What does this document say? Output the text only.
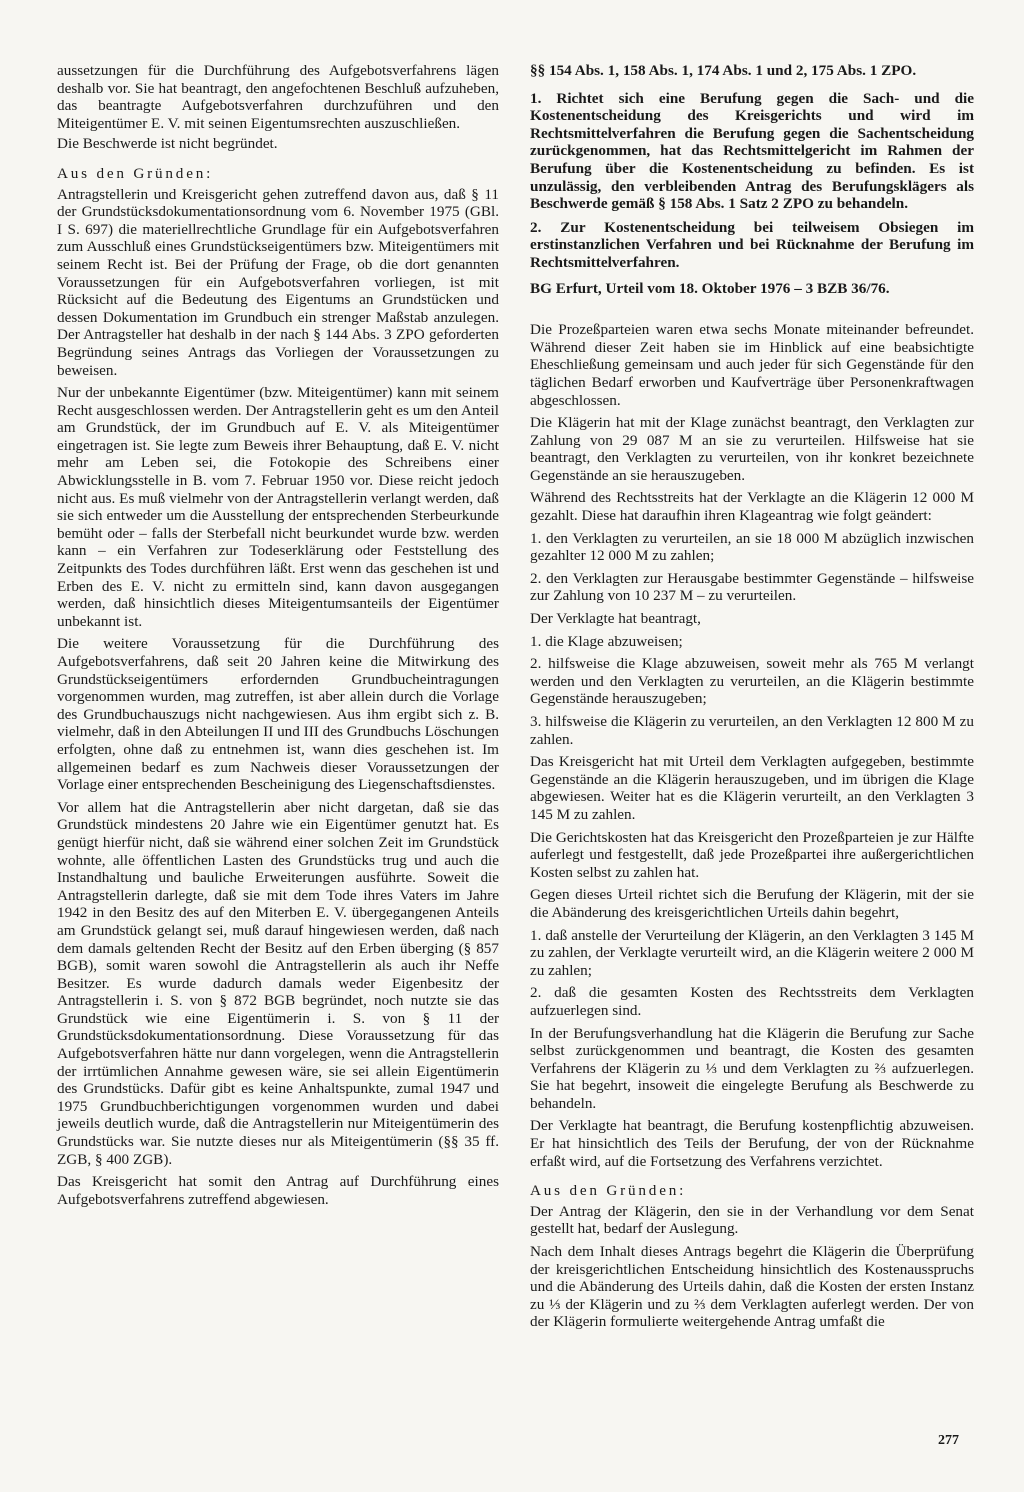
aussetzungen für die Durchführung des Aufgebotsverfahrens lägen deshalb vor. Sie hat beantragt, den angefochtenen Beschluß aufzuheben, das beantragte Aufgebotsverfahren durchzuführen und den Miteigentümer E. V. mit seinen Eigentumsrechten auszuschließen.

Die Beschwerde ist nicht begründet.

Aus den Gründen:

Antragstellerin und Kreisgericht gehen zutreffend davon aus, daß § 11 der Grundstücksdokumentationsordnung vom 6. November 1975 (GBl. I S. 697) die materiellrechtliche Grundlage für ein Aufgebotsverfahren zum Ausschluß eines Grundstückseigentümers bzw. Miteigentümers mit seinem Recht ist. Bei der Prüfung der Frage, ob die dort genannten Voraussetzungen für ein Aufgebotsverfahren vorliegen, ist mit Rücksicht auf die Bedeutung des Eigentums an Grundstücken und dessen Dokumentation im Grundbuch ein strenger Maßstab anzulegen. Der Antragsteller hat deshalb in der nach § 144 Abs. 3 ZPO geforderten Begründung seines Antrags das Vorliegen der Voraussetzungen zu beweisen.

Nur der unbekannte Eigentümer (bzw. Miteigentümer) kann mit seinem Recht ausgeschlossen werden. Der Antragstellerin geht es um den Anteil am Grundstück, der im Grundbuch auf E. V. als Miteigentümer eingetragen ist. Sie legte zum Beweis ihrer Behauptung, daß E. V. nicht mehr am Leben sei, die Fotokopie des Schreibens einer Abwicklungsstelle in B. vom 7. Februar 1950 vor. Diese reicht jedoch nicht aus. Es muß vielmehr von der Antragstellerin verlangt werden, daß sie sich entweder um die Ausstellung der entsprechenden Sterbeurkunde bemüht oder – falls der Sterbefall nicht beurkundet wurde bzw. werden kann – ein Verfahren zur Todeserklärung oder Feststellung des Zeitpunkts des Todes durchführen läßt. Erst wenn das geschehen ist und Erben des E. V. nicht zu ermitteln sind, kann davon ausgegangen werden, daß hinsichtlich dieses Miteigentumsanteils der Eigentümer unbekannt ist.

Die weitere Voraussetzung für die Durchführung des Aufgebotsverfahrens, daß seit 20 Jahren keine die Mitwirkung des Grundstückseigentümers erfordernden Grundbucheintragungen vorgenommen wurden, mag zutreffen, ist aber allein durch die Vorlage des Grundbuchauszugs nicht nachgewiesen. Aus ihm ergibt sich z. B. vielmehr, daß in den Abteilungen II und III des Grundbuchs Löschungen erfolgten, ohne daß zu entnehmen ist, wann dies geschehen ist. Im allgemeinen bedarf es zum Nachweis dieser Voraussetzungen der Vorlage einer entsprechenden Bescheinigung des Liegenschaftsdienstes.

Vor allem hat die Antragstellerin aber nicht dargetan, daß sie das Grundstück mindestens 20 Jahre wie ein Eigentümer genutzt hat. Es genügt hierfür nicht, daß sie während einer solchen Zeit im Grundstück wohnte, alle öffentlichen Lasten des Grundstücks trug und auch die Instandhaltung und bauliche Erweiterungen ausführte. Soweit die Antragstellerin darlegte, daß sie mit dem Tode ihres Vaters im Jahre 1942 in den Besitz des auf den Miterben E. V. übergegangenen Anteils am Grundstück gelangt sei, muß darauf hingewiesen werden, daß nach dem damals geltenden Recht der Besitz auf den Erben überging (§ 857 BGB), somit waren sowohl die Antragstellerin als auch ihr Neffe Besitzer. Es wurde dadurch damals weder Eigenbesitz der Antragstellerin i. S. von § 872 BGB begründet, noch nutzte sie das Grundstück wie eine Eigentümerin i. S. von § 11 der Grundstücksdokumentationsordnung. Diese Voraussetzung für das Aufgebotsverfahren hätte nur dann vorgelegen, wenn die Antragstellerin der irrtümlichen Annahme gewesen wäre, sie sei allein Eigentümerin des Grundstücks. Dafür gibt es keine Anhaltspunkte, zumal 1947 und 1975 Grundbuchberichtigungen vorgenommen wurden und dabei jeweils deutlich wurde, daß die Antragstellerin nur Miteigentümerin des Grundstücks war. Sie nutzte dieses nur als Miteigentümerin (§§ 35 ff. ZGB, § 400 ZGB).

Das Kreisgericht hat somit den Antrag auf Durchführung eines Aufgebotsverfahrens zutreffend abgewiesen.

§§ 154 Abs. 1, 158 Abs. 1, 174 Abs. 1 und 2, 175 Abs. 1 ZPO.

1. Richtet sich eine Berufung gegen die Sach- und die Kostenentscheidung des Kreisgerichts und wird im Rechtsmittelverfahren die Berufung gegen die Sachentscheidung zurückgenommen, hat das Rechtsmittelgericht im Rahmen der Berufung über die Kostenentscheidung zu befinden. Es ist unzulässig, den verbleibenden Antrag des Berufungsklägers als Beschwerde gemäß § 158 Abs. 1 Satz 2 ZPO zu behandeln.

2. Zur Kostenentscheidung bei teilweisem Obsiegen im erstinstanzlichen Verfahren und bei Rücknahme der Berufung im Rechtsmittelverfahren.

BG Erfurt, Urteil vom 18. Oktober 1976 – 3 BZB 36/76.

Die Prozeßparteien waren etwa sechs Monate miteinander befreundet. Während dieser Zeit haben sie im Hinblick auf eine beabsichtigte Eheschließung gemeinsam und auch jeder für sich Gegenstände für den täglichen Bedarf erworben und Kaufverträge über Personenkraftwagen abgeschlossen.

Die Klägerin hat mit der Klage zunächst beantragt, den Verklagten zur Zahlung von 29 087 M an sie zu verurteilen. Hilfsweise hat sie beantragt, den Verklagten zu verurteilen, von ihr konkret bezeichnete Gegenstände an sie herauszugeben.

Während des Rechtsstreits hat der Verklagte an die Klägerin 12 000 M gezahlt. Diese hat daraufhin ihren Klageantrag wie folgt geändert:

1. den Verklagten zu verurteilen, an sie 18 000 M abzüglich inzwischen gezahlter 12 000 M zu zahlen;

2. den Verklagten zur Herausgabe bestimmter Gegenstände – hilfsweise zur Zahlung von 10 237 M – zu verurteilen.

Der Verklagte hat beantragt,

1. die Klage abzuweisen;

2. hilfsweise die Klage abzuweisen, soweit mehr als 765 M verlangt werden und den Verklagten zu verurteilen, an die Klägerin bestimmte Gegenstände herauszugeben;

3. hilfsweise die Klägerin zu verurteilen, an den Verklagten 12 800 M zu zahlen.

Das Kreisgericht hat mit Urteil dem Verklagten aufgegeben, bestimmte Gegenstände an die Klägerin herauszugeben, und im übrigen die Klage abgewiesen. Weiter hat es die Klägerin verurteilt, an den Verklagten 3 145 M zu zahlen.

Die Gerichtskosten hat das Kreisgericht den Prozeßparteien je zur Hälfte auferlegt und festgestellt, daß jede Prozeßpartei ihre außergerichtlichen Kosten selbst zu zahlen hat.

Gegen dieses Urteil richtet sich die Berufung der Klägerin, mit der sie die Abänderung des kreisgerichtlichen Urteils dahin begehrt,

1. daß anstelle der Verurteilung der Klägerin, an den Verklagten 3 145 M zu zahlen, der Verklagte verurteilt wird, an die Klägerin weitere 2 000 M zu zahlen;

2. daß die gesamten Kosten des Rechtsstreits dem Verklagten aufzuerlegen sind.

In der Berufungsverhandlung hat die Klägerin die Berufung zur Sache selbst zurückgenommen und beantragt, die Kosten des gesamten Verfahrens der Klägerin zu ⅓ und dem Verklagten zu ⅔ aufzuerlegen. Sie hat begehrt, insoweit die eingelegte Berufung als Beschwerde zu behandeln.

Der Verklagte hat beantragt, die Berufung kostenpflichtig abzuweisen. Er hat hinsichtlich des Teils der Berufung, der von der Rücknahme erfaßt wird, auf die Fortsetzung des Verfahrens verzichtet.

Aus den Gründen:

Der Antrag der Klägerin, den sie in der Verhandlung vor dem Senat gestellt hat, bedarf der Auslegung.

Nach dem Inhalt dieses Antrags begehrt die Klägerin die Überprüfung der kreisgerichtlichen Entscheidung hinsichtlich des Kostenausspruchs und die Abänderung des Urteils dahin, daß die Kosten der ersten Instanz zu ⅓ der Klägerin und zu ⅔ dem Verklagten auferlegt werden. Der von der Klägerin formulierte weitergehende Antrag umfaßt die

277
